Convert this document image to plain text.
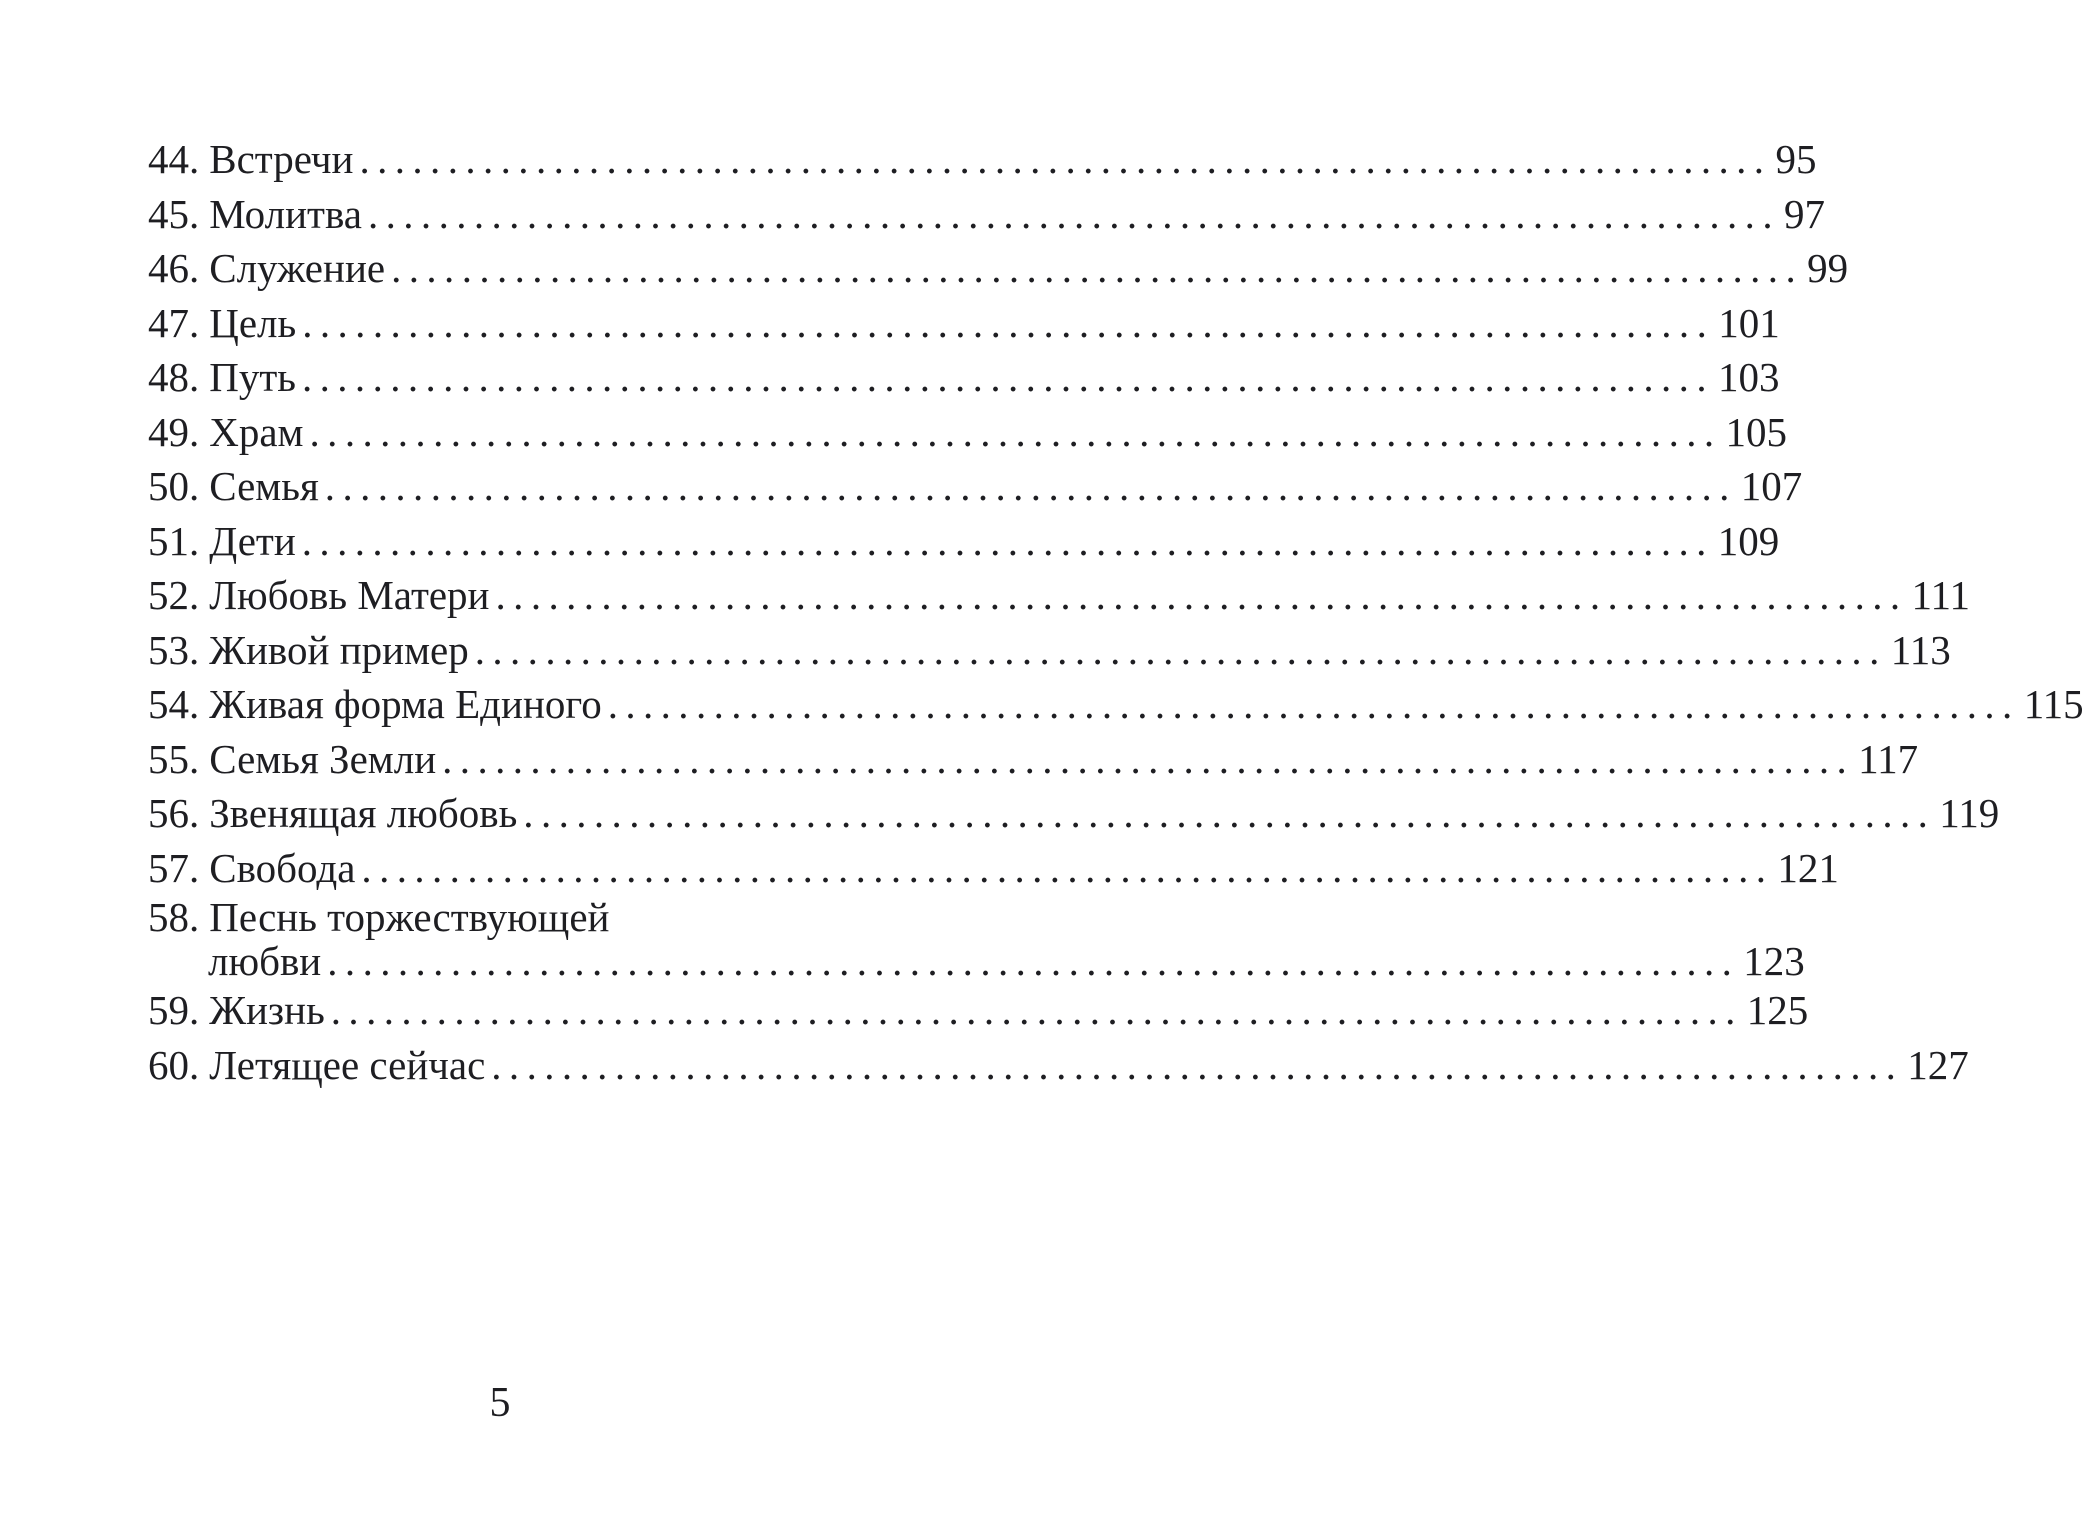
44. Встречи ................................................................................ 95
45. Молитва ................................................................................ 97
46. Служение ................................................................................ 99
47. Цель ................................................................................ 101
48. Путь ................................................................................ 103
49. Храм ................................................................................ 105
50. Семья ................................................................................ 107
51. Дети ................................................................................ 109
52. Любовь Матери ................................................................................ 111
53. Живой пример ................................................................................ 113
54. Живая форма Единого ................................................................................ 115
55. Семья Земли ................................................................................ 117
56. Звенящая любовь ................................................................................ 119
57. Свобода ................................................................................ 121
58. Песнь торжествующей
любви ................................................................................ 123
59. Жизнь ................................................................................ 125
60. Летящее сейчас ................................................................................ 127
5
